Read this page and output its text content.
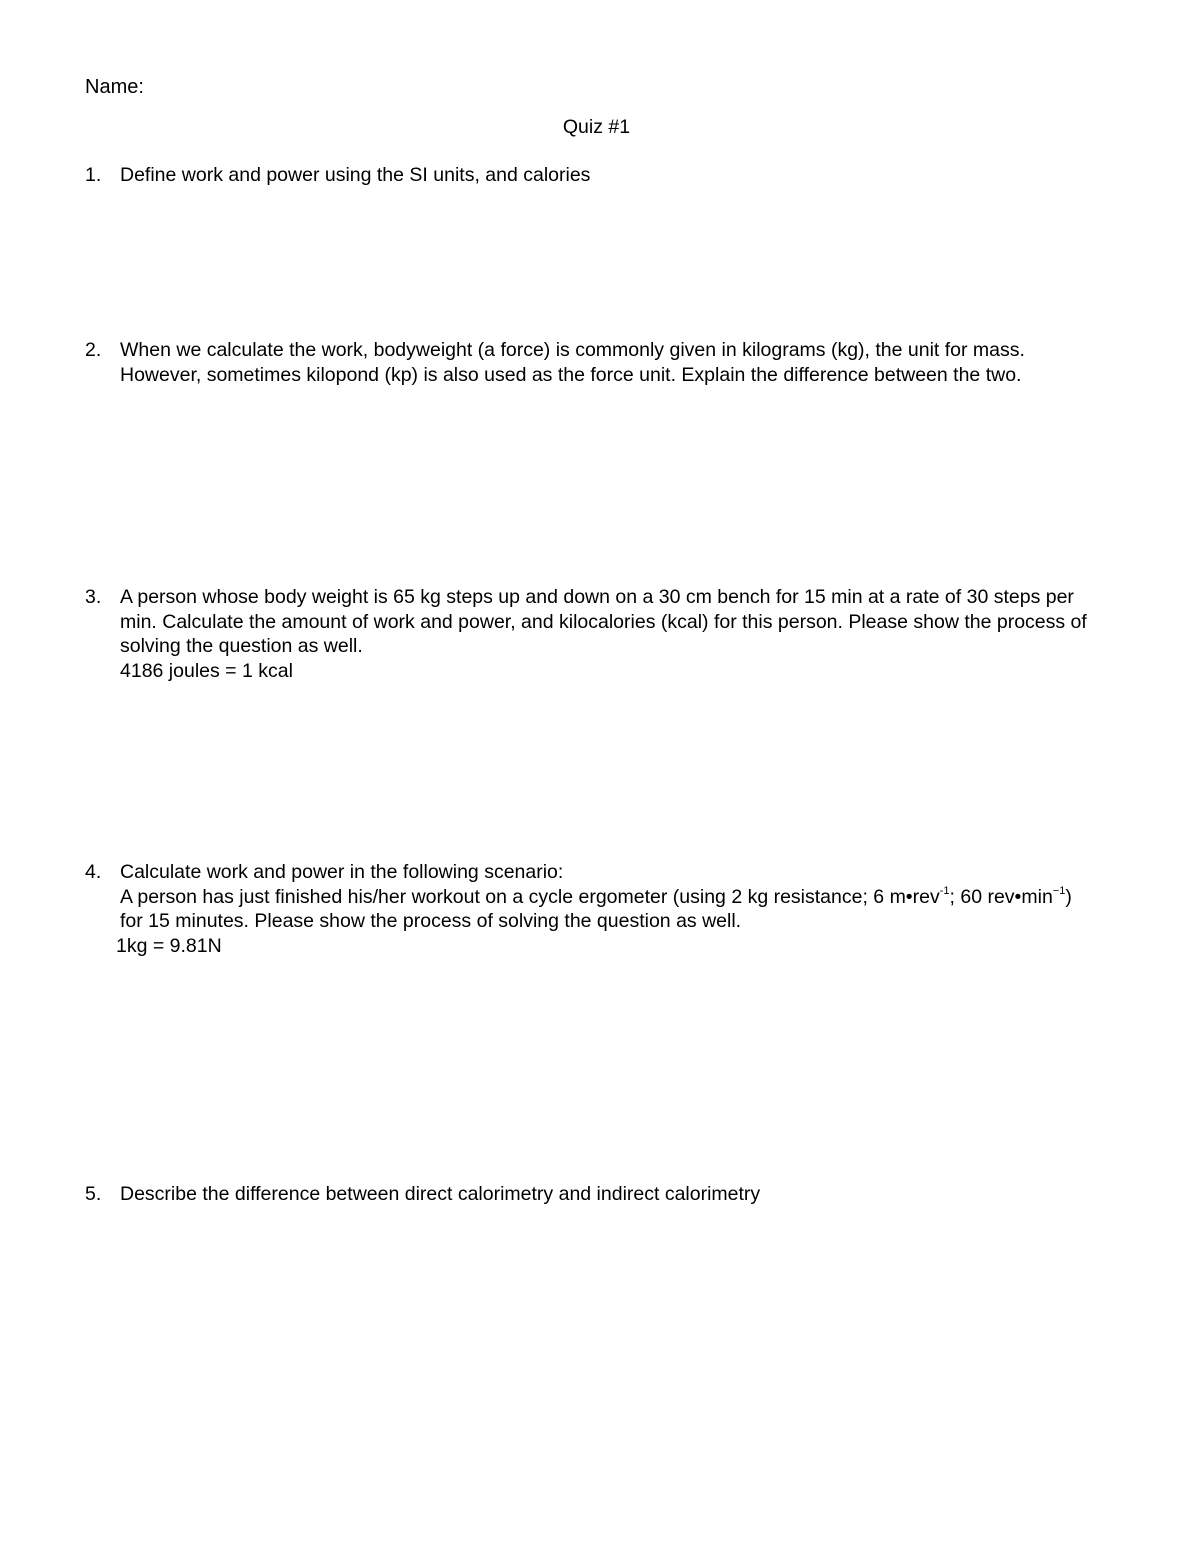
Name:
Quiz #1
1. Define work and power using the SI units, and calories
2. When we calculate the work, bodyweight (a force) is commonly given in kilograms (kg), the unit for mass. However, sometimes kilopond (kp) is also used as the force unit. Explain the difference between the two.
3. A person whose body weight is 65 kg steps up and down on a 30 cm bench for 15 min at a rate of 30 steps per min. Calculate the amount of work and power, and kilocalories (kcal) for this person. Please show the process of solving the question as well.
4186 joules = 1 kcal
4. Calculate work and power in the following scenario:
A person has just finished his/her workout on a cycle ergometer (using 2 kg resistance; 6 m•rev$^{-1}$; 60 $rev•\min^{-1}$) for 15 minutes. Please show the process of solving the question as well.
1kg = 9.81N
5. Describe the difference between direct calorimetry and indirect calorimetry
